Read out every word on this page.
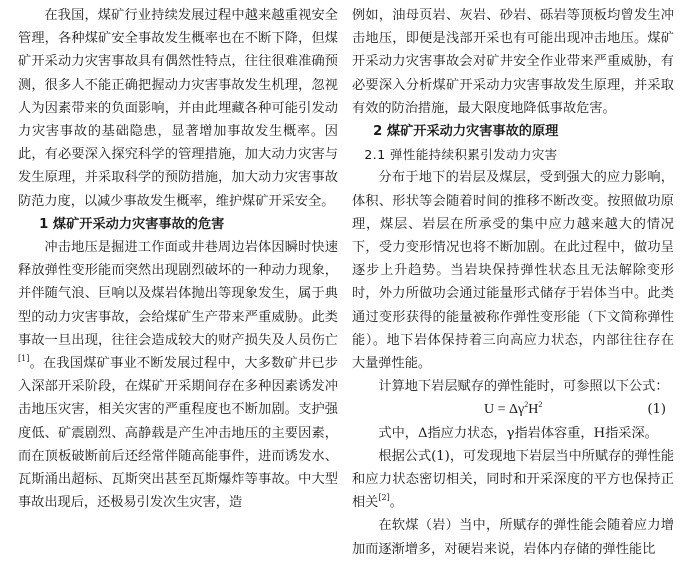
在我国，煤矿行业持续发展过程中越来越重视安全管理，各种煤矿安全事故发生概率也在不断下降，但煤矿开采动力灾害事故具有偶然性特点，往往很难准确预测，很多人不能正确把握动力灾害事故发生机理，忽视人为因素带来的负面影响，并由此埋藏各种可能引发动力灾害事故的基础隐患，显著增加事故发生概率。因此，有必要深入探究科学的管理措施，加大动力灾害与发生原理，并采取科学的预防措施，加大动力灾害事故防范力度，以减少事故发生概率，维护煤矿开采安全。

1 煤矿开采动力灾害事故的危害

冲击地压是掘进工作面或井巷周边岩体因瞬时快速释放弹性变形能而突然出现剧烈破坏的一种动力现象，并伴随气浪、巨响以及煤岩体抛出等现象发生，属于典型的动力灾害事故，会给煤矿生产带来严重威胁。此类事故一旦出现，往往会造成较大的财产损失及人员伤亡[1]。在我国煤矿事业不断发展过程中，大多数矿井已步入深部开采阶段，在煤矿开采期间存在多种因素诱发冲击地压灾害，相关灾害的严重程度也不断加剧。支护强度低、矿震剧烈、高静载是产生冲击地压的主要因素，而在顶板破断前后还经常伴随高能事件，进而诱发水、瓦斯涌出超标、瓦斯突出甚至瓦斯爆炸等事故。中大型事故出现后，还极易引发次生灾害，造

例如，油母页岩、灰岩、砂岩、砾岩等顶板均曾发生冲击地压，即便是浅部开采也有可能出现冲击地压。煤矿开采动力灾害事故会对矿井安全作业带来严重威胁，有必要深入分析煤矿开采动力灾害事故发生原理，并采取有效的防治措施，最大限度地降低事故危害。

2 煤矿开采动力灾害事故的原理

2.1 弹性能持续积累引发动力灾害

分布于地下的岩层及煤层，受到强大的应力影响，体积、形状等会随着时间的推移不断改变。按照做功原理，煤层、岩层在所承受的集中应力越来越大的情况下，受力变形情况也将不断加剧。在此过程中，做功呈逐步上升趋势。当岩块保持弹性状态且无法解除变形时，外力所做功会通过能量形式储存于岩体当中。此类通过变形获得的能量被称作弹性变形能（下文简称弹性能）。地下岩体保持着三向高应力状态，内部往往存在大量弹性能。

计算地下岩层赋存的弹性能时，可参照以下公式：

$U = \Delta\gamma^2H^2$	(1)

式中，Δ指应力状态，γ指岩体容重，H指采深。

根据公式(1)，可发现地下岩层当中所赋存的弹性能和应力状态密切相关，同时和开采深度的平方也保持正相关[2]。

在软煤（岩）当中，所赋存的弹性能会随着应力增加而逐渐增多，对硬岩来说，岩体内存储的弹性能比
